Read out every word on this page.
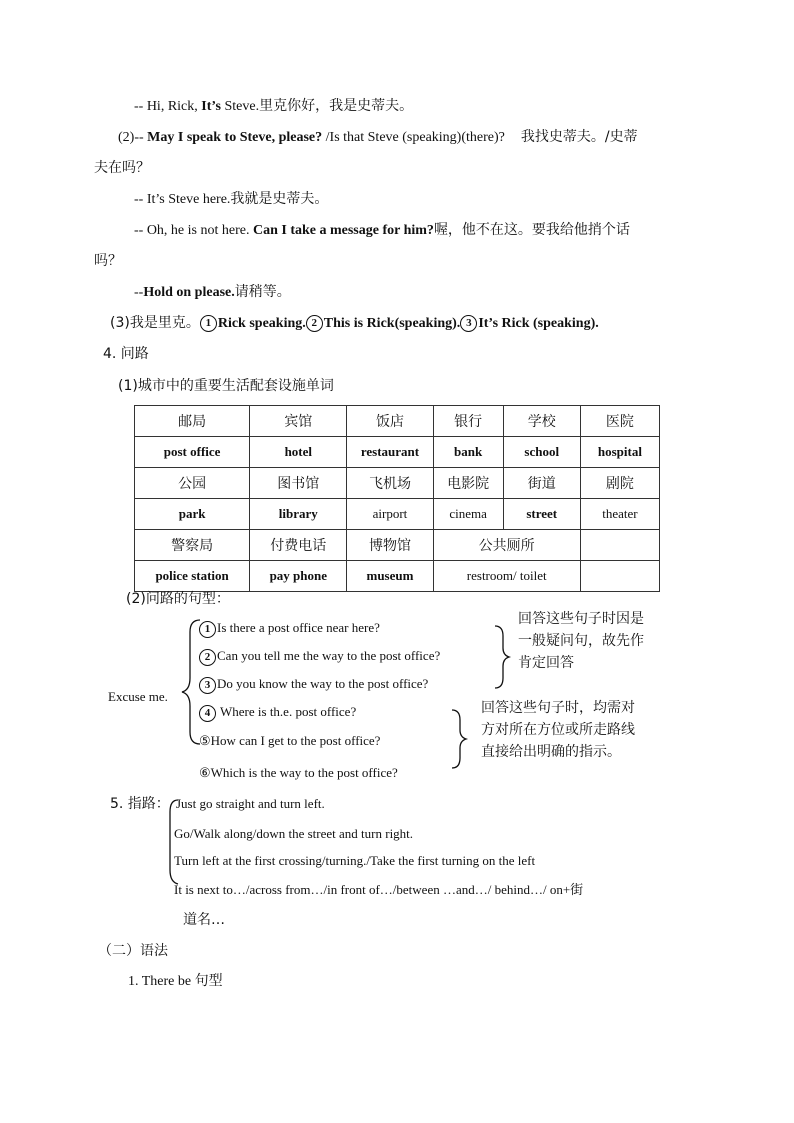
-- Hi, Rick, It’s Steve.里克你好，我是史蒂夫。
(2)-- May I speak to Steve, please? /Is that Steve (speaking)(there)? 我找史蒂夫。/史蒂
夫在吗？
-- It’s Steve here.我就是史蒂夫。
-- Oh, he is not here. Can I take a message for him?喔，他不在这。要我给他捎个话
吗？
--Hold on please.请稍等。
(3)我是里克。 1 Rick speaking. 2 This is Rick(speaking). 3 It’s Rick (speaking).
4. 问路
(1)城市中的重要生活配套设施单词
邮局	宾馆	饭店	银行	学校	医院
post office	hotel	restaurant	bank	school	hospital
公园	图书馆	飞机场	电影院	街道	剧院
park	library	airport	cinema	street	theater
警察局	付费电话	博物馆	公共厕所		
police station	pay phone	museum	restroom/ toilet		
(2)问路的句型：
Excuse me.
1 Is there a post office near here?
2 Can you tell me the way to the post office?
3 Do you know the way to the post office?
4 Where is th.e. post office?
⑤How can I get to the post office?
⑥Which is the way to the post office?
回答这些句子时因是一般疑问句，故先作肯定回答
回答这些句子时，均需对方对所在方位或所走路线直接给出明确的指示。
5. 指路： Just go straight and turn left.
Go/Walk along/down the street and turn right.
Turn left at the first crossing/turning./Take the first turning on the left
It is next to…/across from…/in front of…/between …and…/ behind…/ on+街
道名…
（二）语法
1. There be 句型
